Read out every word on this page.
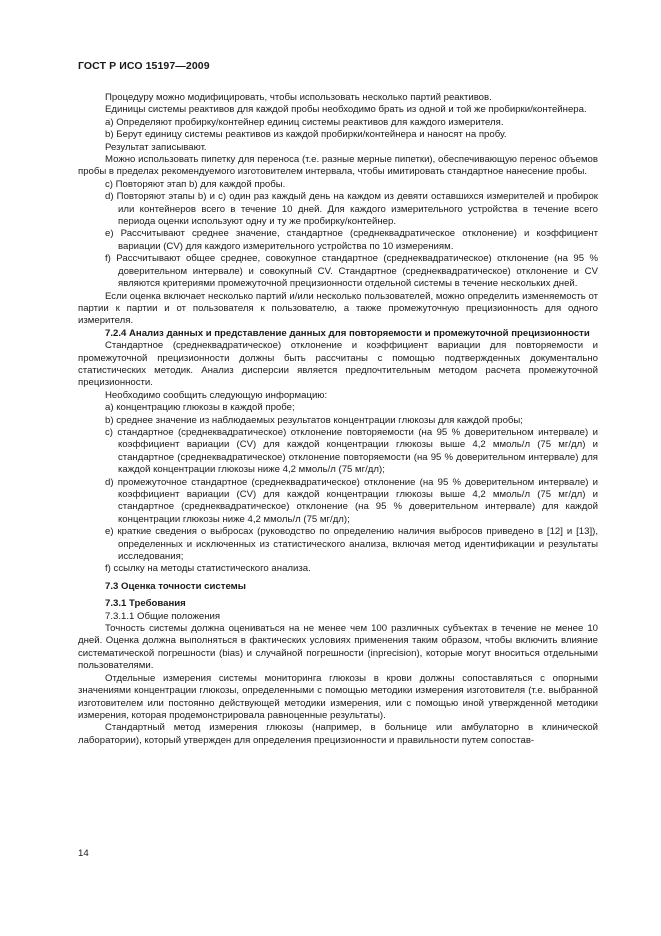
ГОСТ Р ИСО 15197—2009

Процедуру можно модифицировать, чтобы использовать несколько партий реактивов.

Единицы системы реактивов для каждой пробы необходимо брать из одной и той же пробирки/контейнера.

а) Определяют пробирку/контейнер единиц системы реактивов для каждого измерителя.

b) Берут единицу системы реактивов из каждой пробирки/контейнера и наносят на пробу.

Результат записывают.

Можно использовать пипетку для переноса (т.е. разные мерные пипетки), обеспечивающую перенос объемов пробы в пределах рекомендуемого изготовителем интервала, чтобы имитировать стандартное нанесение пробы.

с) Повторяют этап b) для каждой пробы.

d) Повторяют этапы b) и с) один раз каждый день на каждом из девяти оставшихся измерителей и пробирок или контейнеров всего в течение 10 дней. Для каждого измерительного устройства в течение всего периода оценки используют одну и ту же пробирку/контейнер.

е) Рассчитывают среднее значение, стандартное (среднеквадратическое отклонение) и коэффициент вариации (CV) для каждого измерительного устройства по 10 измерениям.

f) Рассчитывают общее среднее, совокупное стандартное (среднеквадратическое) отклонение (на 95 % доверительном интервале) и совокупный CV. Стандартное (среднеквадратическое) отклонение и CV являются критериями промежуточной прецизионности отдельной системы в течение нескольких дней.

Если оценка включает несколько партий и/или несколько пользователей, можно определить изменяемость от партии к партии и от пользователя к пользователю, а также промежуточную прецизионность для одного измерителя.

7.2.4 Анализ данных и представление данных для повторяемости и промежуточной прецизионности

Стандартное (среднеквадратическое) отклонение и коэффициент вариации для повторяемости и промежуточной прецизионности должны быть рассчитаны с помощью подтвержденных документально статистических методик. Анализ дисперсии является предпочтительным методом расчета промежуточной прецизионности.

Необходимо сообщить следующую информацию:

а) концентрацию глюкозы в каждой пробе;

b) среднее значение из наблюдаемых результатов концентрации глюкозы для каждой пробы;

с) стандартное (среднеквадратическое) отклонение повторяемости (на 95 % доверительном интервале) и коэффициент вариации (CV) для каждой концентрации глюкозы выше 4,2 ммоль/л (75 мг/дл) и стандартное (среднеквадратическое) отклонение повторяемости (на 95 % доверительном интервале) для каждой концентрации глюкозы ниже 4,2 ммоль/л (75 мг/дл);

d) промежуточное стандартное (среднеквадратическое) отклонение (на 95 % доверительном интервале) и коэффициент вариации (CV) для каждой концентрации глюкозы выше 4,2 ммоль/л (75 мг/дл) и стандартное (среднеквадратическое) отклонение (на 95 % доверительном интервале) для каждой концентрации глюкозы ниже 4,2 ммоль/л (75 мг/дл);

е) краткие сведения о выбросах (руководство по определению наличия выбросов приведено в [12] и [13]), определенных и исключенных из статистического анализа, включая метод идентификации и результаты исследования;

f) ссылку на методы статистического анализа.

7.3 Оценка точности системы

7.3.1 Требования

7.3.1.1 Общие положения

Точность системы должна оцениваться на не менее чем 100 различных субъектах в течение не менее 10 дней. Оценка должна выполняться в фактических условиях применения таким образом, чтобы включить влияние систематической погрешности (bias) и случайной погрешности (inprecision), которые могут вноситься отдельными пользователями.

Отдельные измерения системы мониторинга глюкозы в крови должны сопоставляться с опорными значениями концентрации глюкозы, определенными с помощью методики измерения изготовителя (т.е. выбранной изготовителем или постоянно действующей методики измерения, или с помощью иной утвержденной методики измерения, которая продемонстрировала равноценные результаты).

Стандартный метод измерения глюкозы (например, в больнице или амбулаторно в клинической лаборатории), который утвержден для определения прецизионности и правильности путем сопостав-

14
